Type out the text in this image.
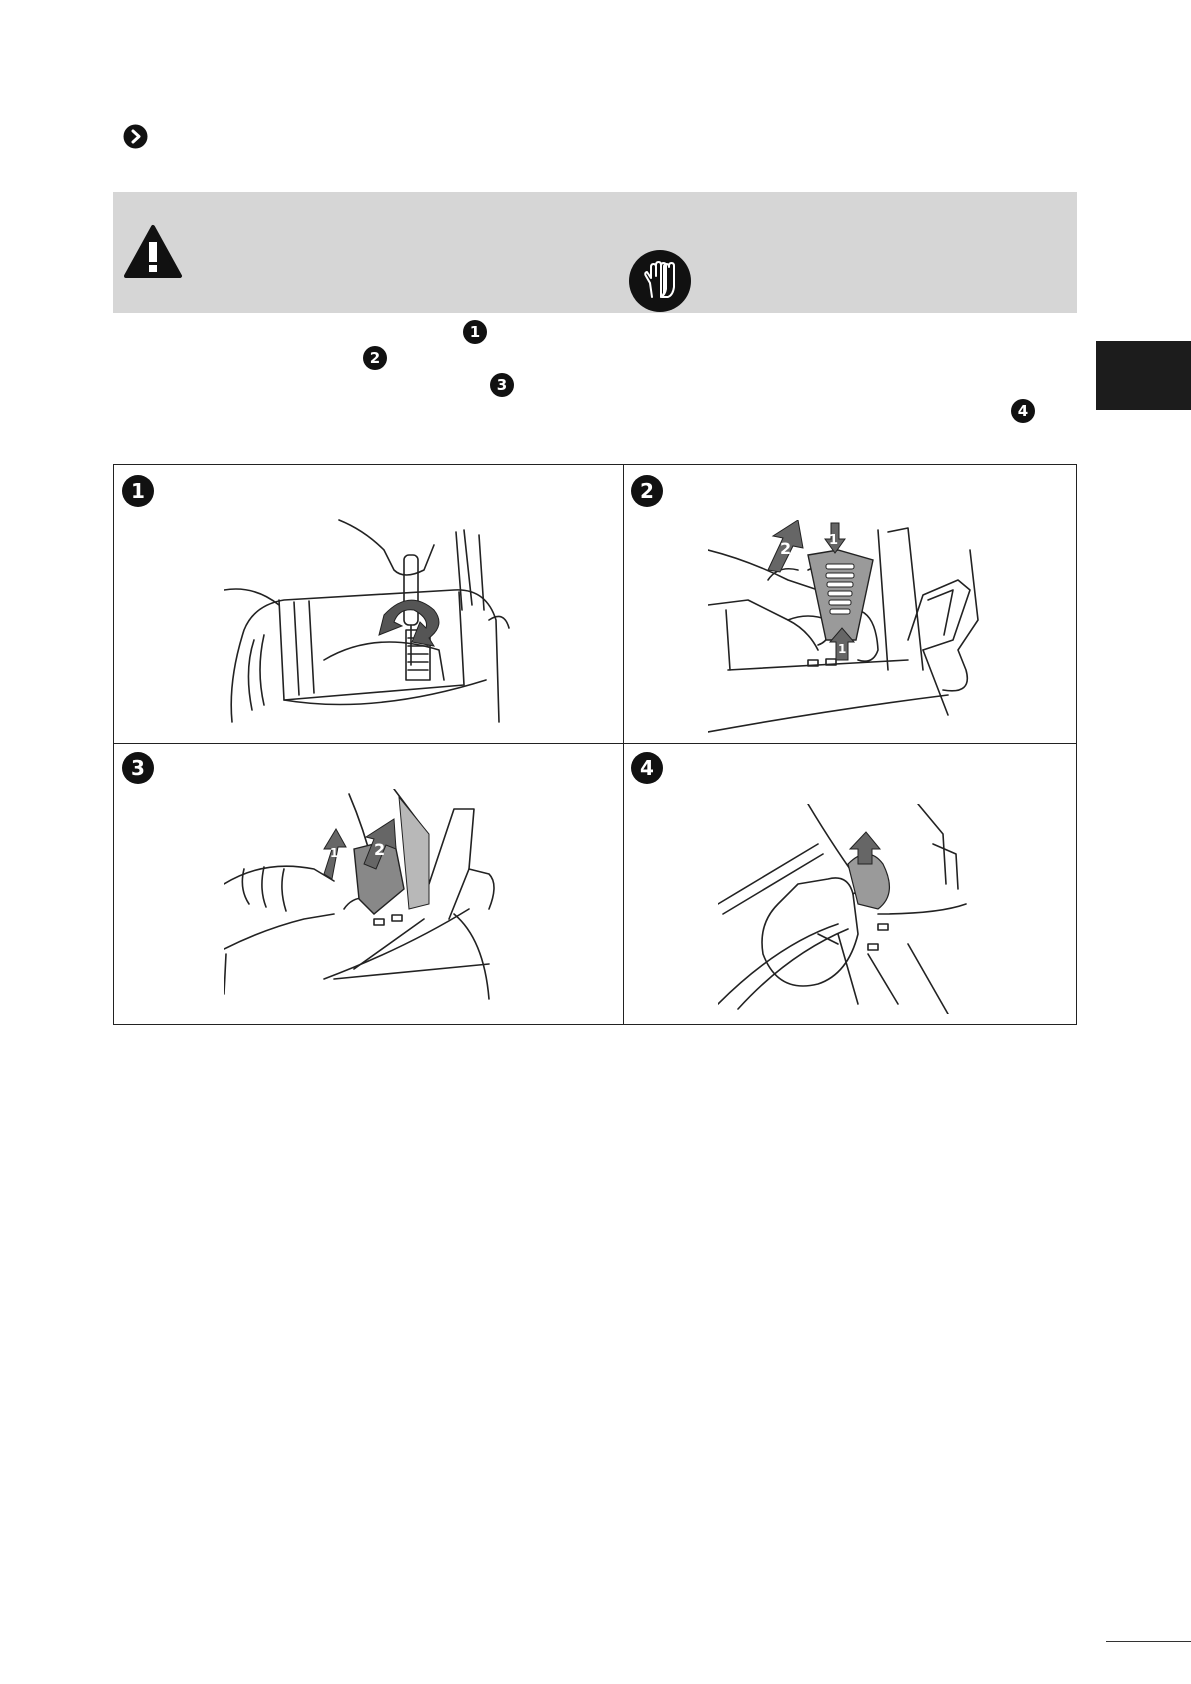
1
2
3
4
1	2
2	1
1
3
1 2
4
